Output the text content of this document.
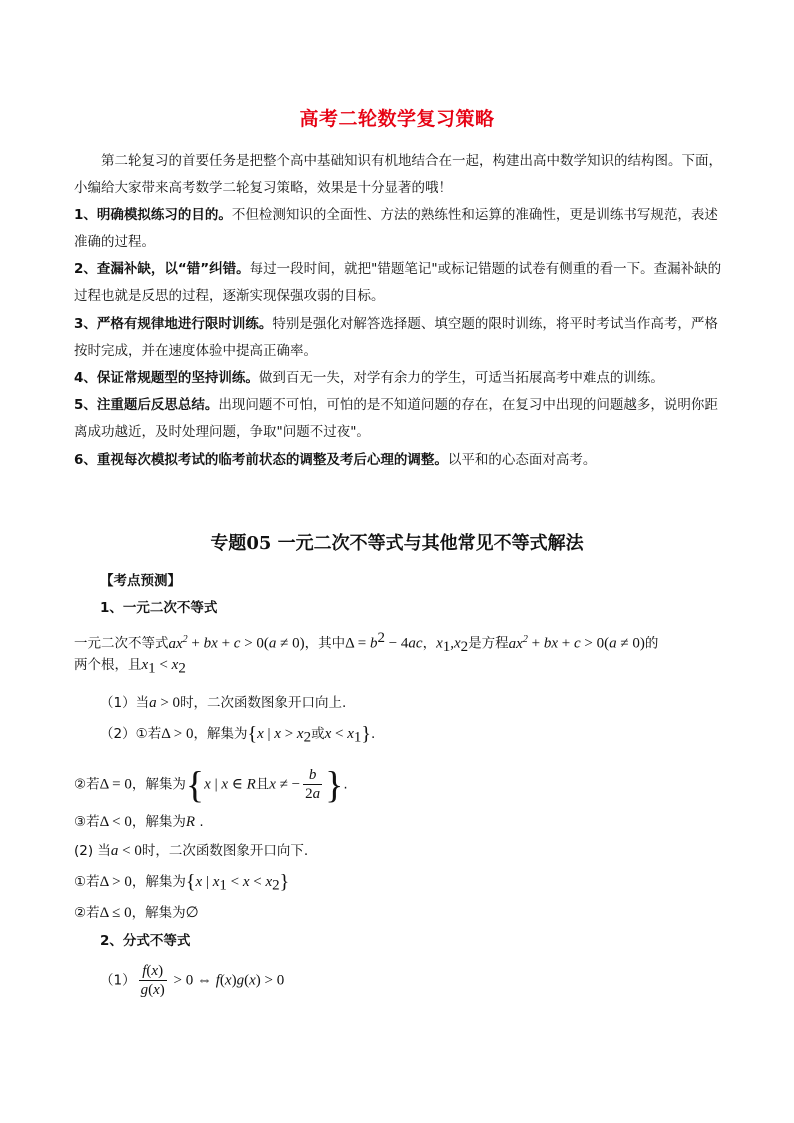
高考二轮数学复习策略
第二轮复习的首要任务是把整个高中基础知识有机地结合在一起，构建出高中数学知识的结构图。下面，小编给大家带来高考数学二轮复习策略，效果是十分显著的哦！
1、明确模拟练习的目的。不但检测知识的全面性、方法的熟练性和运算的准确性，更是训练书写规范，表述准确的过程。
2、查漏补缺，以“错”纠错。每过一段时间，就把"错题笔记"或标记错题的试卷有侧重的看一下。查漏补缺的过程也就是反思的过程，逐渐实现保强攻弱的目标。
3、严格有规律地进行限时训练。特别是强化对解答选择题、填空题的限时训练，将平时考试当作高考，严格按时完成，并在速度体验中提高正确率。
4、保证常规题型的坚持训练。做到百无一失，对学有余力的学生，可适当拓展高考中难点的训练。
5、注重题后反思总结。出现问题不可怕，可怕的是不知道问题的存在，在复习中出现的问题越多，说明你距离成功越近，及时处理问题，争取"问题不过夜"。
6、重视每次模拟考试的临考前状态的调整及考后心理的调整。以平和的心态面对高考。
专题05 一元二次不等式与其他常见不等式解法
【考点预测】
1、一元二次不等式
一元二次不等式$ax^2$ + bx + c > 0(a ≠ 0)，其中$\Delta = b^2 - 4ac$，$x_1,x_2$是方程$ax^2$ + bx + c > 0(a ≠ 0)的
两个根，且$x_1 < x_2$
（1）当a > 0时，二次函数图象开口向上.
（2）①若Δ > 0，解集为{x | $x > x_2$或$x < x_1$}.
②若Δ = 0，解集为{x | x ∈ R且x ≠ − $\frac{b}{2a}$ }.
③若Δ < 0，解集为R .
(2) 当a < 0时，二次函数图象开口向下.
①若Δ > 0，解集为{x | $x_1 < x < x_2$}
②若Δ ≤ 0，解集为∅
2、分式不等式
$(1) \frac{f(x)}{g(x)} > 0$ ⇔ f(x)g(x) > 0
